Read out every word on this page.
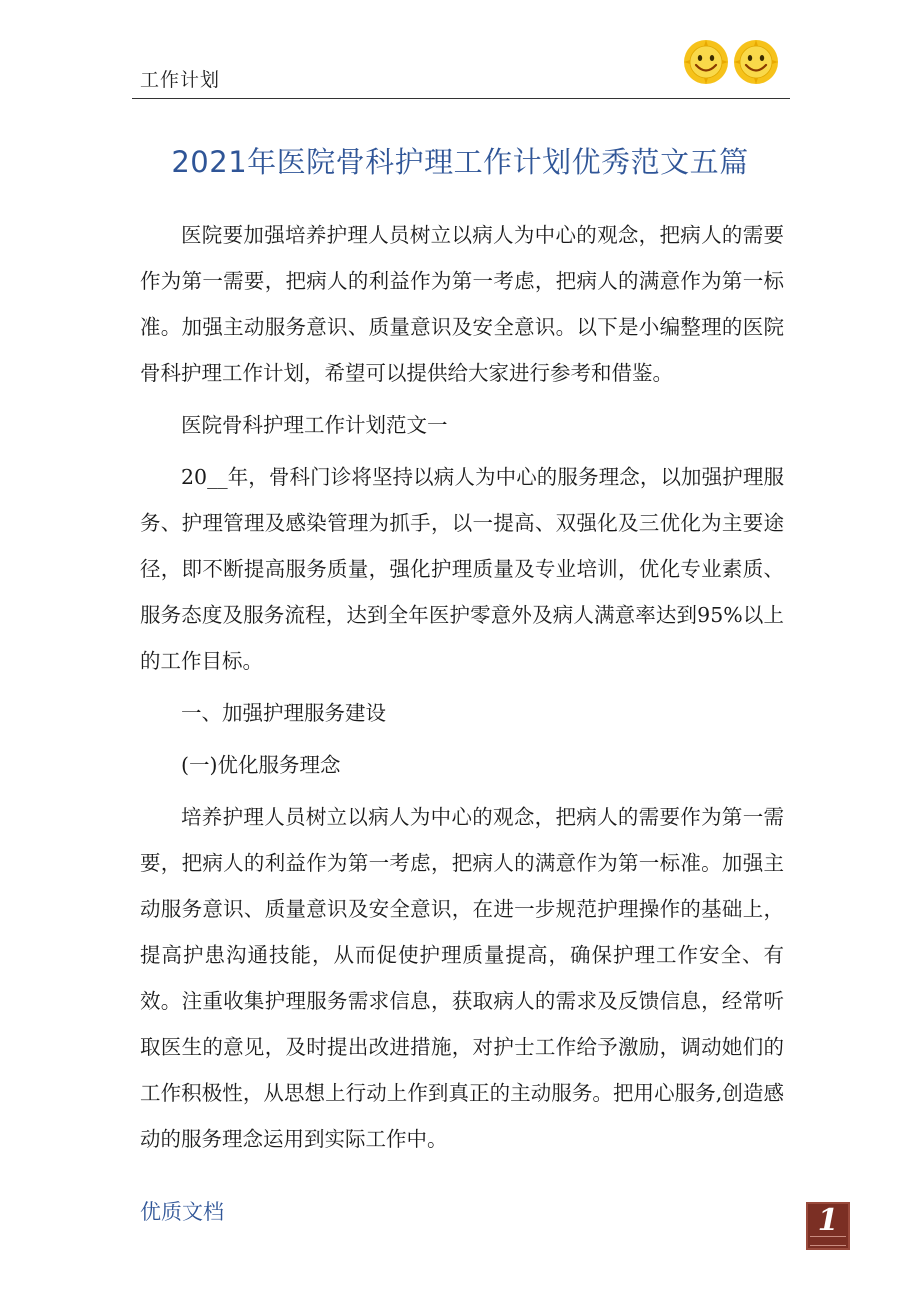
工作计划
2021年医院骨科护理工作计划优秀范文五篇

医院要加强培养护理人员树立以病人为中心的观念，把病人的需要作为第一需要，把病人的利益作为第一考虑，把病人的满意作为第一标准。加强主动服务意识、质量意识及安全意识。以下是小编整理的医院骨科护理工作计划，希望可以提供给大家进行参考和借鉴。

医院骨科护理工作计划范文一

20__年，骨科门诊将坚持以病人为中心的服务理念，以加强护理服务、护理管理及感染管理为抓手，以一提高、双强化及三优化为主要途径，即不断提高服务质量，强化护理质量及专业培训，优化专业素质、服务态度及服务流程，达到全年医护零意外及病人满意率达到95%以上的工作目标。

一、加强护理服务建设

(一)优化服务理念

培养护理人员树立以病人为中心的观念，把病人的需要作为第一需要，把病人的利益作为第一考虑，把病人的满意作为第一标准。加强主动服务意识、质量意识及安全意识，在进一步规范护理操作的基础上，提高护患沟通技能，从而促使护理质量提高，确保护理工作安全、有效。注重收集护理服务需求信息，获取病人的需求及反馈信息，经常听取医生的意见，及时提出改进措施，对护士工作给予激励，调动她们的工作积极性，从思想上行动上作到真正的主动服务。把用心服务,创造感动的服务理念运用到实际工作中。

优质文档	1
